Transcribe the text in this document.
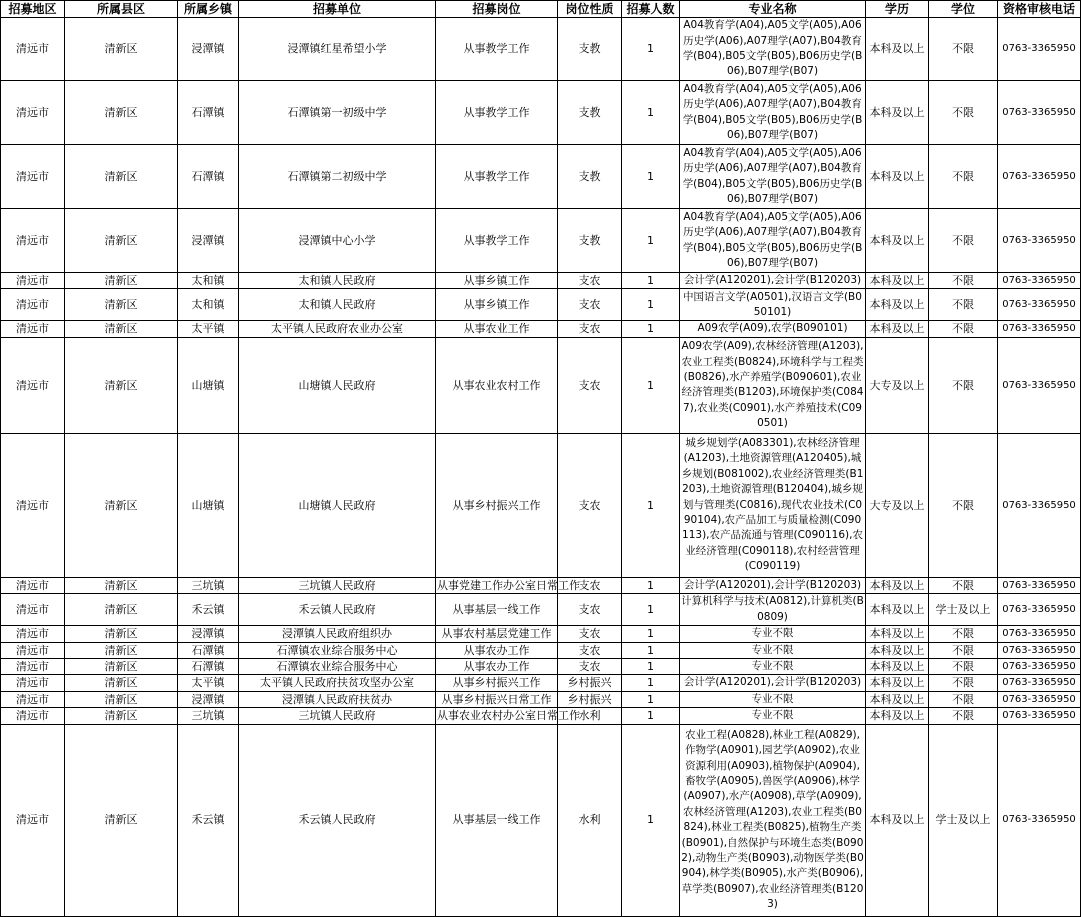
招募地区	所属县区	所属乡镇	招募单位	招募岗位	岗位性质	招募人数	专业名称	学历	学位	资格审核电话
清远市	清新区	浸潭镇	浸潭镇红星希望小学	从事教学工作	支教	1	A04教育学(A04),A05文学(A05),A06历史学(A06),A07理学(A07),B04教育学(B04),B05文学(B05),B06历史学(B06),B07理学(B07)	本科及以上	不限	0763-3365950
清远市	清新区	石潭镇	石潭镇第一初级中学	从事教学工作	支教	1	A04教育学(A04),A05文学(A05),A06历史学(A06),A07理学(A07),B04教育学(B04),B05文学(B05),B06历史学(B06),B07理学(B07)	本科及以上	不限	0763-3365950
清远市	清新区	石潭镇	石潭镇第二初级中学	从事教学工作	支教	1	A04教育学(A04),A05文学(A05),A06历史学(A06),A07理学(A07),B04教育学(B04),B05文学(B05),B06历史学(B06),B07理学(B07)	本科及以上	不限	0763-3365950
清远市	清新区	浸潭镇	浸潭镇中心小学	从事教学工作	支教	1	A04教育学(A04),A05文学(A05),A06历史学(A06),A07理学(A07),B04教育学(B04),B05文学(B05),B06历史学(B06),B07理学(B07)	本科及以上	不限	0763-3365950
清远市	清新区	太和镇	太和镇人民政府	从事乡镇工作	支农	1	会计学(A120201),会计学(B120203)	本科及以上	不限	0763-3365950
清远市	清新区	太和镇	太和镇人民政府	从事乡镇工作	支农	1	中国语言文学(A0501),汉语言文学(B050101)	本科及以上	不限	0763-3365950
清远市	清新区	太平镇	太平镇人民政府农业办公室	从事农业工作	支农	1	A09农学(A09),农学(B090101)	本科及以上	不限	0763-3365950
清远市	清新区	山塘镇	山塘镇人民政府	从事农业农村工作	支农	1	A09农学(A09),农林经济管理(A1203),农业工程类(B0824),环境科学与工程类(B0826),水产养殖学(B090601),农业经济管理类(B1203),环境保护类(C0847),农业类(C0901),水产养殖技术(C090501)	大专及以上	不限	0763-3365950
清远市	清新区	山塘镇	山塘镇人民政府	从事乡村振兴工作	支农	1	城乡规划学(A083301),农林经济管理(A1203),土地资源管理(A120405),城乡规划(B081002),农业经济管理类(B1203),土地资源管理(B120404),城乡规划与管理类(C0816),现代农业技术(C090104),农产品加工与质量检测(C090113),农产品流通与管理(C090116),农业经济管理(C090118),农村经营管理(C090119)	大专及以上	不限	0763-3365950
清远市	清新区	三坑镇	三坑镇人民政府	从事党建工作办公室日常工作	支农	1	会计学(A120201),会计学(B120203)	本科及以上	不限	0763-3365950
清远市	清新区	禾云镇	禾云镇人民政府	从事基层一线工作	支农	1	计算机科学与技术(A0812),计算机类(B0809)	本科及以上	学士及以上	0763-3365950
清远市	清新区	浸潭镇	浸潭镇人民政府组织办	从事农村基层党建工作	支农	1	专业不限	本科及以上	不限	0763-3365950
清远市	清新区	石潭镇	石潭镇农业综合服务中心	从事农办工作	支农	1	专业不限	本科及以上	不限	0763-3365950
清远市	清新区	石潭镇	石潭镇农业综合服务中心	从事农办工作	支农	1	专业不限	本科及以上	不限	0763-3365950
清远市	清新区	太平镇	太平镇人民政府扶贫攻坚办公室	从事乡村振兴工作	乡村振兴	1	会计学(A120201),会计学(B120203)	本科及以上	不限	0763-3365950
清远市	清新区	浸潭镇	浸潭镇人民政府扶贫办	从事乡村振兴日常工作	乡村振兴	1	专业不限	本科及以上	不限	0763-3365950
清远市	清新区	三坑镇	三坑镇人民政府	从事农业农村办公室日常工作	水利	1	专业不限	本科及以上	不限	0763-3365950
清远市	清新区	禾云镇	禾云镇人民政府	从事基层一线工作	水利	1	农业工程(A0828),林业工程(A0829),作物学(A0901),园艺学(A0902),农业资源利用(A0903),植物保护(A0904),畜牧学(A0905),兽医学(A0906),林学(A0907),水产(A0908),草学(A0909),农林经济管理(A1203),农业工程类(B0824),林业工程类(B0825),植物生产类(B0901),自然保护与环境生态类(B0902),动物生产类(B0903),动物医学类(B0904),林学类(B0905),水产类(B0906),草学类(B0907),农业经济管理类(B1203)	本科及以上	学士及以上	0763-3365950
